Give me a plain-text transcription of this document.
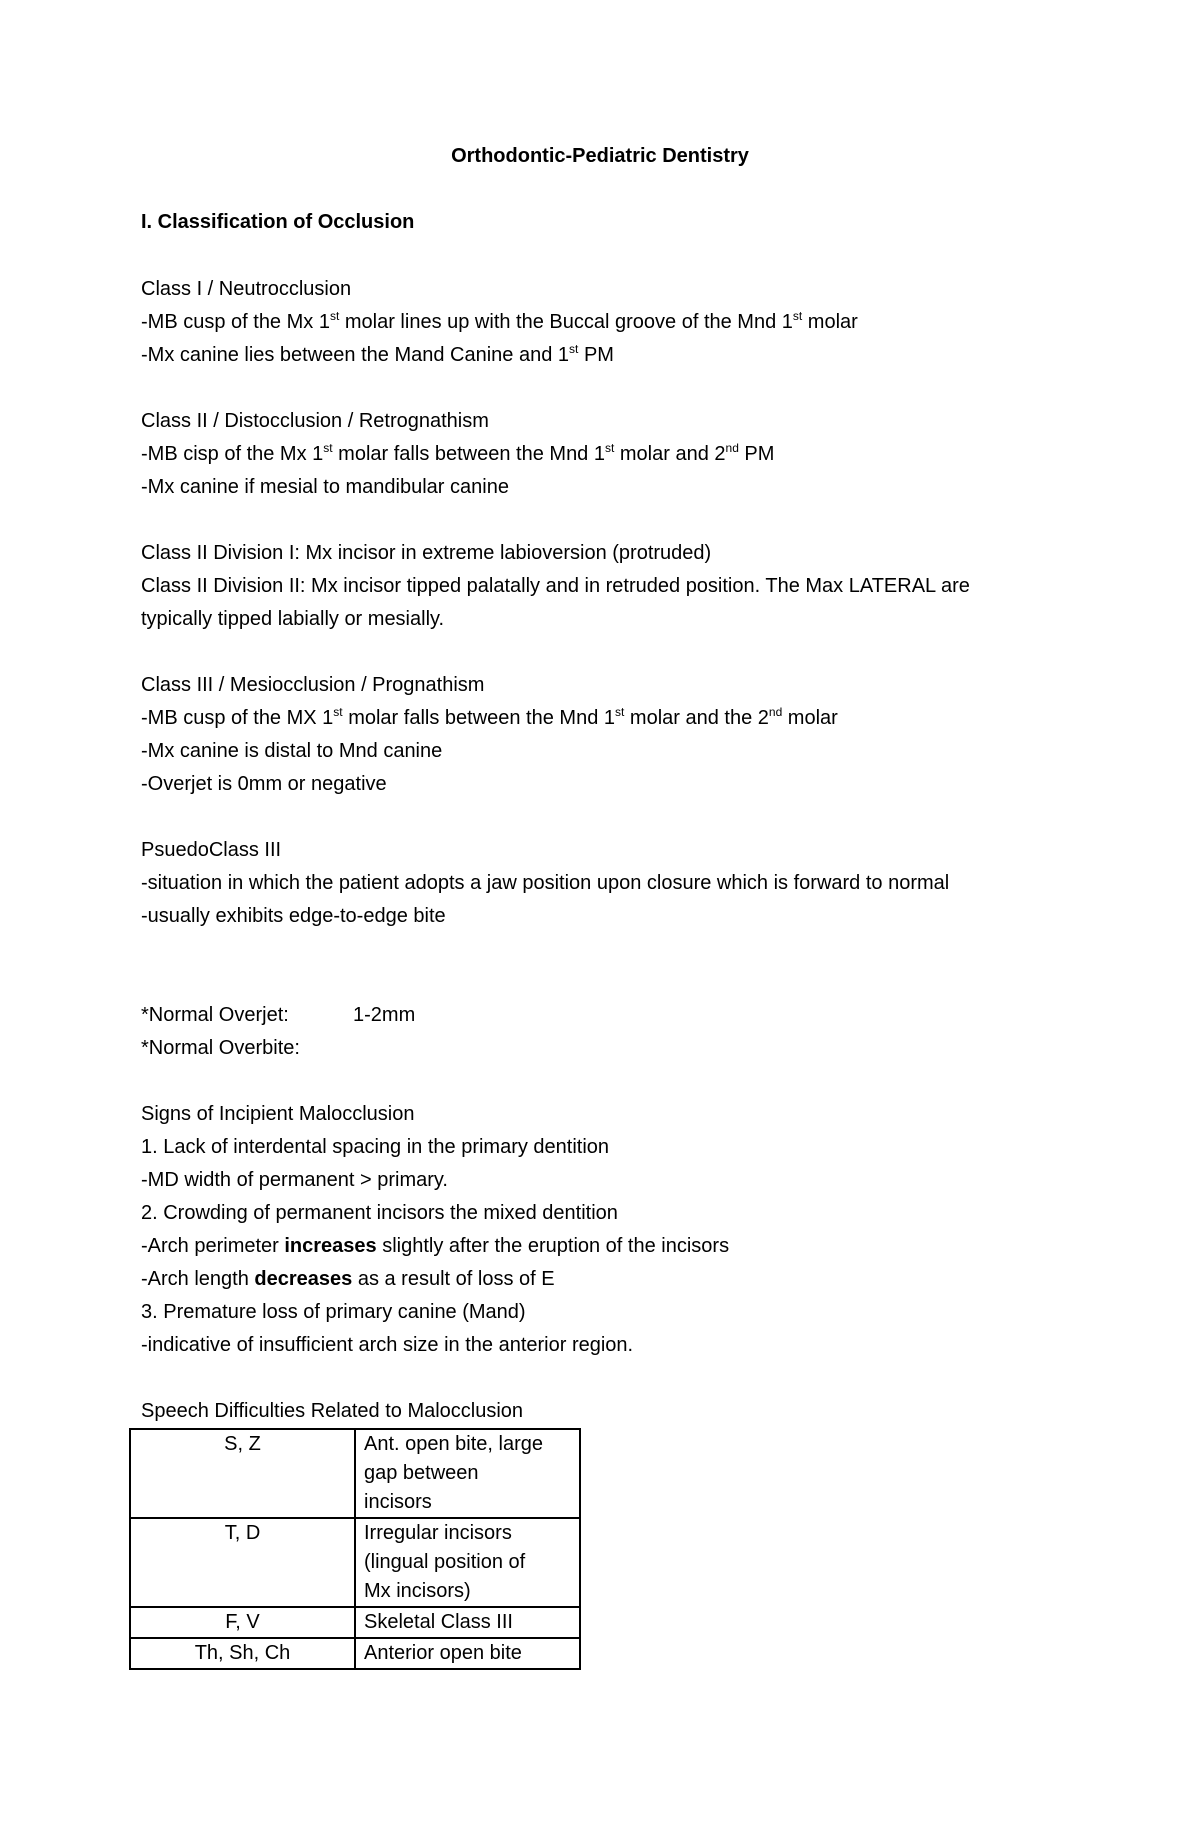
Orthodontic-Pediatric Dentistry
I. Classification of Occlusion
Class I / Neutrocclusion
-MB cusp of the Mx 1st molar lines up with the Buccal groove of the Mnd 1st molar
-Mx canine lies between the Mand Canine and 1st PM
Class II / Distocclusion / Retrognathism
-MB cisp of the Mx 1st molar falls between the Mnd 1st molar and 2nd PM
-Mx canine if mesial to mandibular canine
Class II Division I: Mx incisor in extreme labioversion (protruded)
Class II Division II: Mx incisor tipped palatally and in retruded position. The Max LATERAL are
typically tipped labially or mesially.
Class III / Mesiocclusion / Prognathism
-MB cusp of the MX 1st molar falls between the Mnd 1st molar and the 2nd molar
-Mx canine is distal to Mnd canine
-Overjet is 0mm or negative
PsuedoClass III
-situation in which the patient adopts a jaw position upon closure which is forward to normal
-usually exhibits edge-to-edge bite
*Normal Overjet:	1-2mm
*Normal Overbite:
Signs of Incipient Malocclusion
1. Lack of interdental spacing in the primary dentition
-MD width of permanent > primary.
2. Crowding of permanent incisors the mixed dentition
-Arch perimeter increases slightly after the eruption of the incisors
-Arch length decreases as a result of loss of E
3. Premature loss of primary canine (Mand)
-indicative of insufficient arch size in the anterior region.
Speech Difficulties Related to Malocclusion
S, Z	Ant. open bite, large
gap between
incisors

T, D	Irregular incisors
(lingual position of
Mx incisors)

F, V	Skeletal Class III

Th, Sh, Ch	Anterior open bite
